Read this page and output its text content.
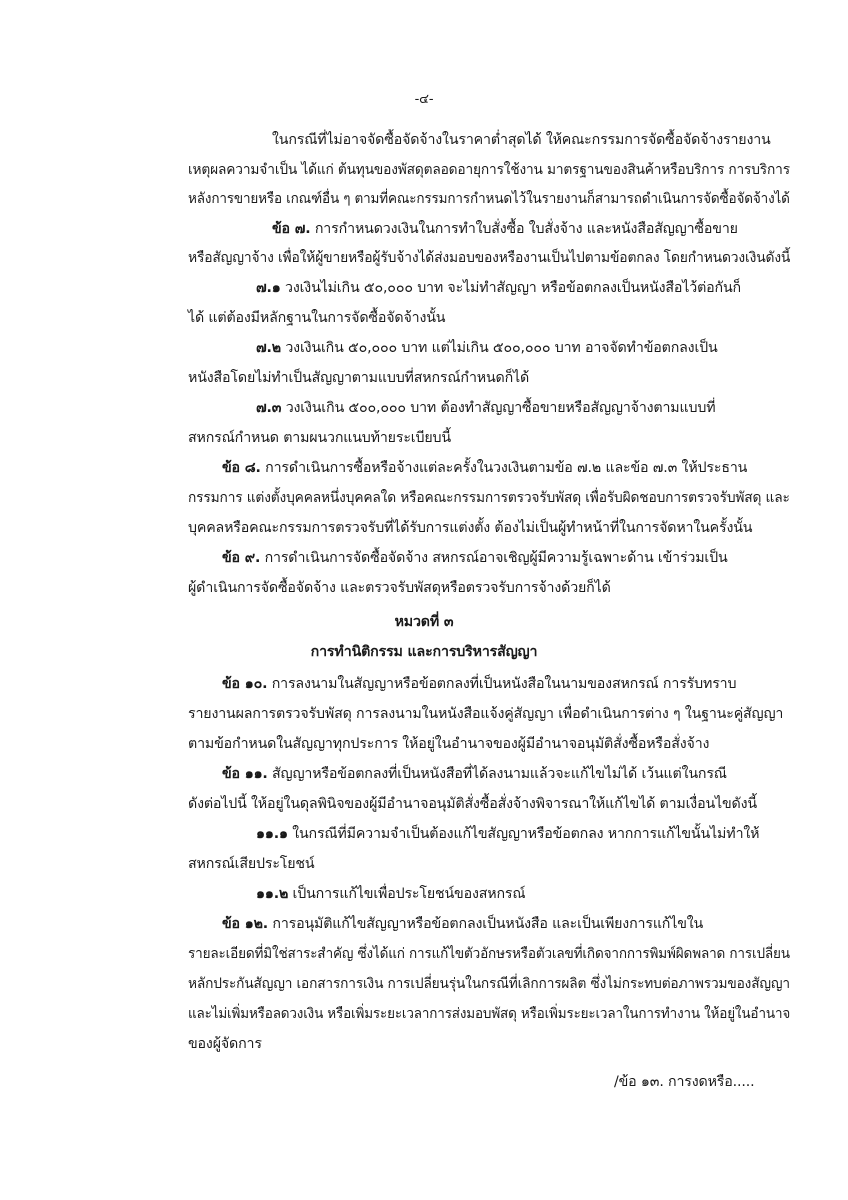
-๔-
ในกรณีที่ไม่อาจจัดซื้อจัดจ้างในราคาต่ำสุดได้ ให้คณะกรรมการจัดซื้อจัดจ้างรายงาน
เหตุผลความจำเป็น ได้แก่ ต้นทุนของพัสดุตลอดอายุการใช้งาน มาตรฐานของสินค้าหรือบริการ การบริการ
หลังการขายหรือ เกณฑ์อื่น ๆ ตามที่คณะกรรมการกำหนดไว้ในรายงานก็สามารถดำเนินการจัดซื้อจัดจ้างได้
ข้อ ๗. การกำหนดวงเงินในการทำใบสั่งซื้อ ใบสั่งจ้าง และหนังสือสัญญาซื้อขาย
หรือสัญญาจ้าง เพื่อให้ผู้ขายหรือผู้รับจ้างได้ส่งมอบของหรืองานเป็นไปตามข้อตกลง โดยกำหนดวงเงินดังนี้
๗.๑ วงเงินไม่เกิน ๕๐,๐๐๐ บาท จะไม่ทำสัญญา หรือข้อตกลงเป็นหนังสือไว้ต่อกันก็
ได้ แต่ต้องมีหลักฐานในการจัดซื้อจัดจ้างนั้น
๗.๒ วงเงินเกิน ๕๐,๐๐๐ บาท แต่ไม่เกิน ๕๐๐,๐๐๐ บาท อาจจัดทำข้อตกลงเป็น
หนังสือโดยไม่ทำเป็นสัญญาตามแบบที่สหกรณ์กำหนดก็ได้
๗.๓ วงเงินเกิน ๕๐๐,๐๐๐ บาท ต้องทำสัญญาซื้อขายหรือสัญญาจ้างตามแบบที่
สหกรณ์กำหนด ตามผนวกแนบท้ายระเบียบนี้
ข้อ ๘. การดำเนินการซื้อหรือจ้างแต่ละครั้งในวงเงินตามข้อ ๗.๒ และข้อ ๗.๓ ให้ประธาน
กรรมการ แต่งตั้งบุคคลหนึ่งบุคคลใด หรือคณะกรรมการตรวจรับพัสดุ เพื่อรับผิดชอบการตรวจรับพัสดุ และ
บุคคลหรือคณะกรรมการตรวจรับที่ได้รับการแต่งตั้ง ต้องไม่เป็นผู้ทำหน้าที่ในการจัดหาในครั้งนั้น
ข้อ ๙. การดำเนินการจัดซื้อจัดจ้าง สหกรณ์อาจเชิญผู้มีความรู้เฉพาะด้าน เข้าร่วมเป็น
ผู้ดำเนินการจัดซื้อจัดจ้าง และตรวจรับพัสดุหรือตรวจรับการจ้างด้วยก็ได้
หมวดที่ ๓
การทำนิติกรรม และการบริหารสัญญา
ข้อ ๑๐. การลงนามในสัญญาหรือข้อตกลงที่เป็นหนังสือในนามของสหกรณ์ การรับทราบ
รายงานผลการตรวจรับพัสดุ การลงนามในหนังสือแจ้งคู่สัญญา เพื่อดำเนินการต่าง ๆ ในฐานะคู่สัญญา
ตามข้อกำหนดในสัญญาทุกประการ ให้อยู่ในอำนาจของผู้มีอำนาจอนุมัติสั่งซื้อหรือสั่งจ้าง
ข้อ ๑๑. สัญญาหรือข้อตกลงที่เป็นหนังสือที่ได้ลงนามแล้วจะแก้ไขไม่ได้ เว้นแต่ในกรณี
ดังต่อไปนี้ ให้อยู่ในดุลพินิจของผู้มีอำนาจอนุมัติสั่งซื้อสั่งจ้างพิจารณาให้แก้ไขได้ ตามเงื่อนไขดังนี้
๑๑.๑ ในกรณีที่มีความจำเป็นต้องแก้ไขสัญญาหรือข้อตกลง หากการแก้ไขนั้นไม่ทำให้
สหกรณ์เสียประโยชน์
๑๑.๒ เป็นการแก้ไขเพื่อประโยชน์ของสหกรณ์
ข้อ ๑๒. การอนุมัติแก้ไขสัญญาหรือข้อตกลงเป็นหนังสือ และเป็นเพียงการแก้ไขใน
รายละเอียดที่มิใช่สาระสำคัญ ซึ่งได้แก่ การแก้ไขตัวอักษรหรือตัวเลขที่เกิดจากการพิมพ์ผิดพลาด การเปลี่ยน
หลักประกันสัญญา เอกสารการเงิน การเปลี่ยนรุ่นในกรณีที่เลิกการผลิต ซึ่งไม่กระทบต่อภาพรวมของสัญญา
และไม่เพิ่มหรือลดวงเงิน หรือเพิ่มระยะเวลาการส่งมอบพัสดุ หรือเพิ่มระยะเวลาในการทำงาน ให้อยู่ในอำนาจ
ของผู้จัดการ
/ข้อ ๑๓. การงดหรือ.....
